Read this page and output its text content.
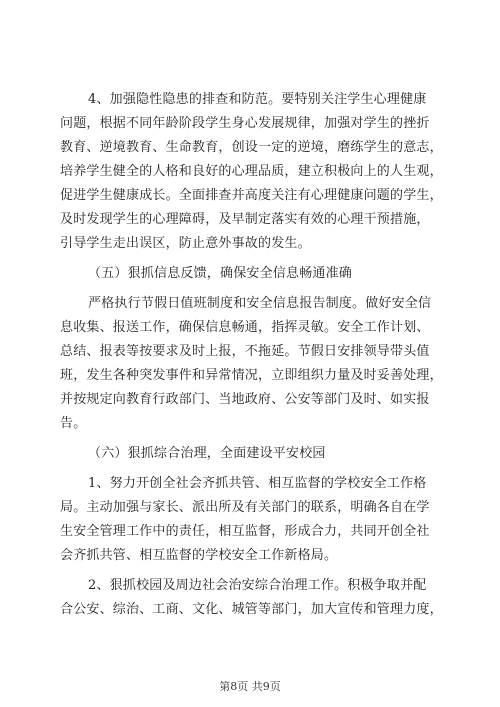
4、加强隐性隐患的排查和防范。要特别关注学生心理健康

问题，根据不同年龄阶段学生身心发展规律，加强对学生的挫折

教育、逆境教育、生命教育，创设一定的逆境，磨练学生的意志，

培养学生健全的人格和良好的心理品质，建立积极向上的人生观，

促进学生健康成长。全面排查并高度关注有心理健康问题的学生，

及时发现学生的心理障碍，及早制定落实有效的心理干预措施，

引导学生走出误区，防止意外事故的发生。

（五）狠抓信息反馈，确保安全信息畅通准确

严格执行节假日值班制度和安全信息报告制度。做好安全信

息收集、报送工作，确保信息畅通，指挥灵敏。安全工作计划、

总结、报表等按要求及时上报，不拖延。节假日安排领导带头值

班，发生各种突发事件和异常情况，立即组织力量及时妥善处理，

并按规定向教育行政部门、当地政府、公安等部门及时、如实报

告。

（六）狠抓综合治理，全面建设平安校园

1、努力开创全社会齐抓共管、相互监督的学校安全工作格

局。主动加强与家长、派出所及有关部门的联系，明确各自在学

生安全管理工作中的责任，相互监督，形成合力，共同开创全社

会齐抓共管、相互监督的学校安全工作新格局。

2、狠抓校园及周边社会治安综合治理工作。积极争取并配

合公安、综治、工商、文化、城管等部门，加大宣传和管理力度，

第8页 共9页
